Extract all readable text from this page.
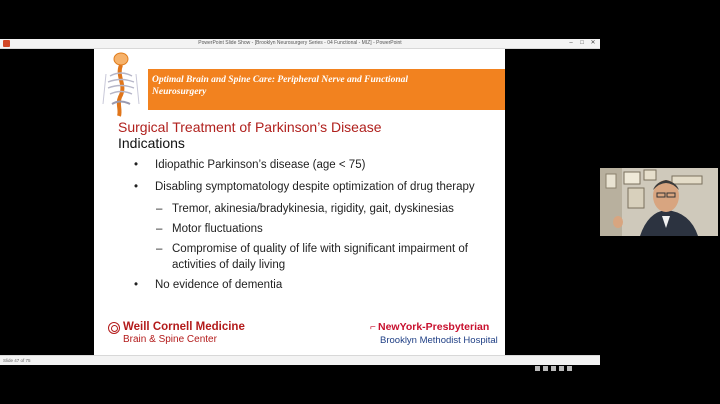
PowerPoint Slide Show - [Brooklyn Neurosurgery Series - 04 Functional - MIZ] - PowerPoint	–	□	✕
Optimal Brain and Spine Care: Peripheral Nerve and Functional Neurosurgery
Surgical Treatment of Parkinson’s Disease
Indications
• Idiopathic Parkinson’s disease (age < 75)
• Disabling symptomatology despite optimization of drug therapy
– Tremor, akinesia/bradykinesia, rigidity, gait, dyskinesias
– Motor fluctuations
– Compromise of quality of life with significant impairment of activities of daily living
• No evidence of dementia
Weill Cornell Medicine
Brain & Spine Center
⌐ NewYork-Presbyterian
Brooklyn Methodist Hospital
Slide 47 of 75
